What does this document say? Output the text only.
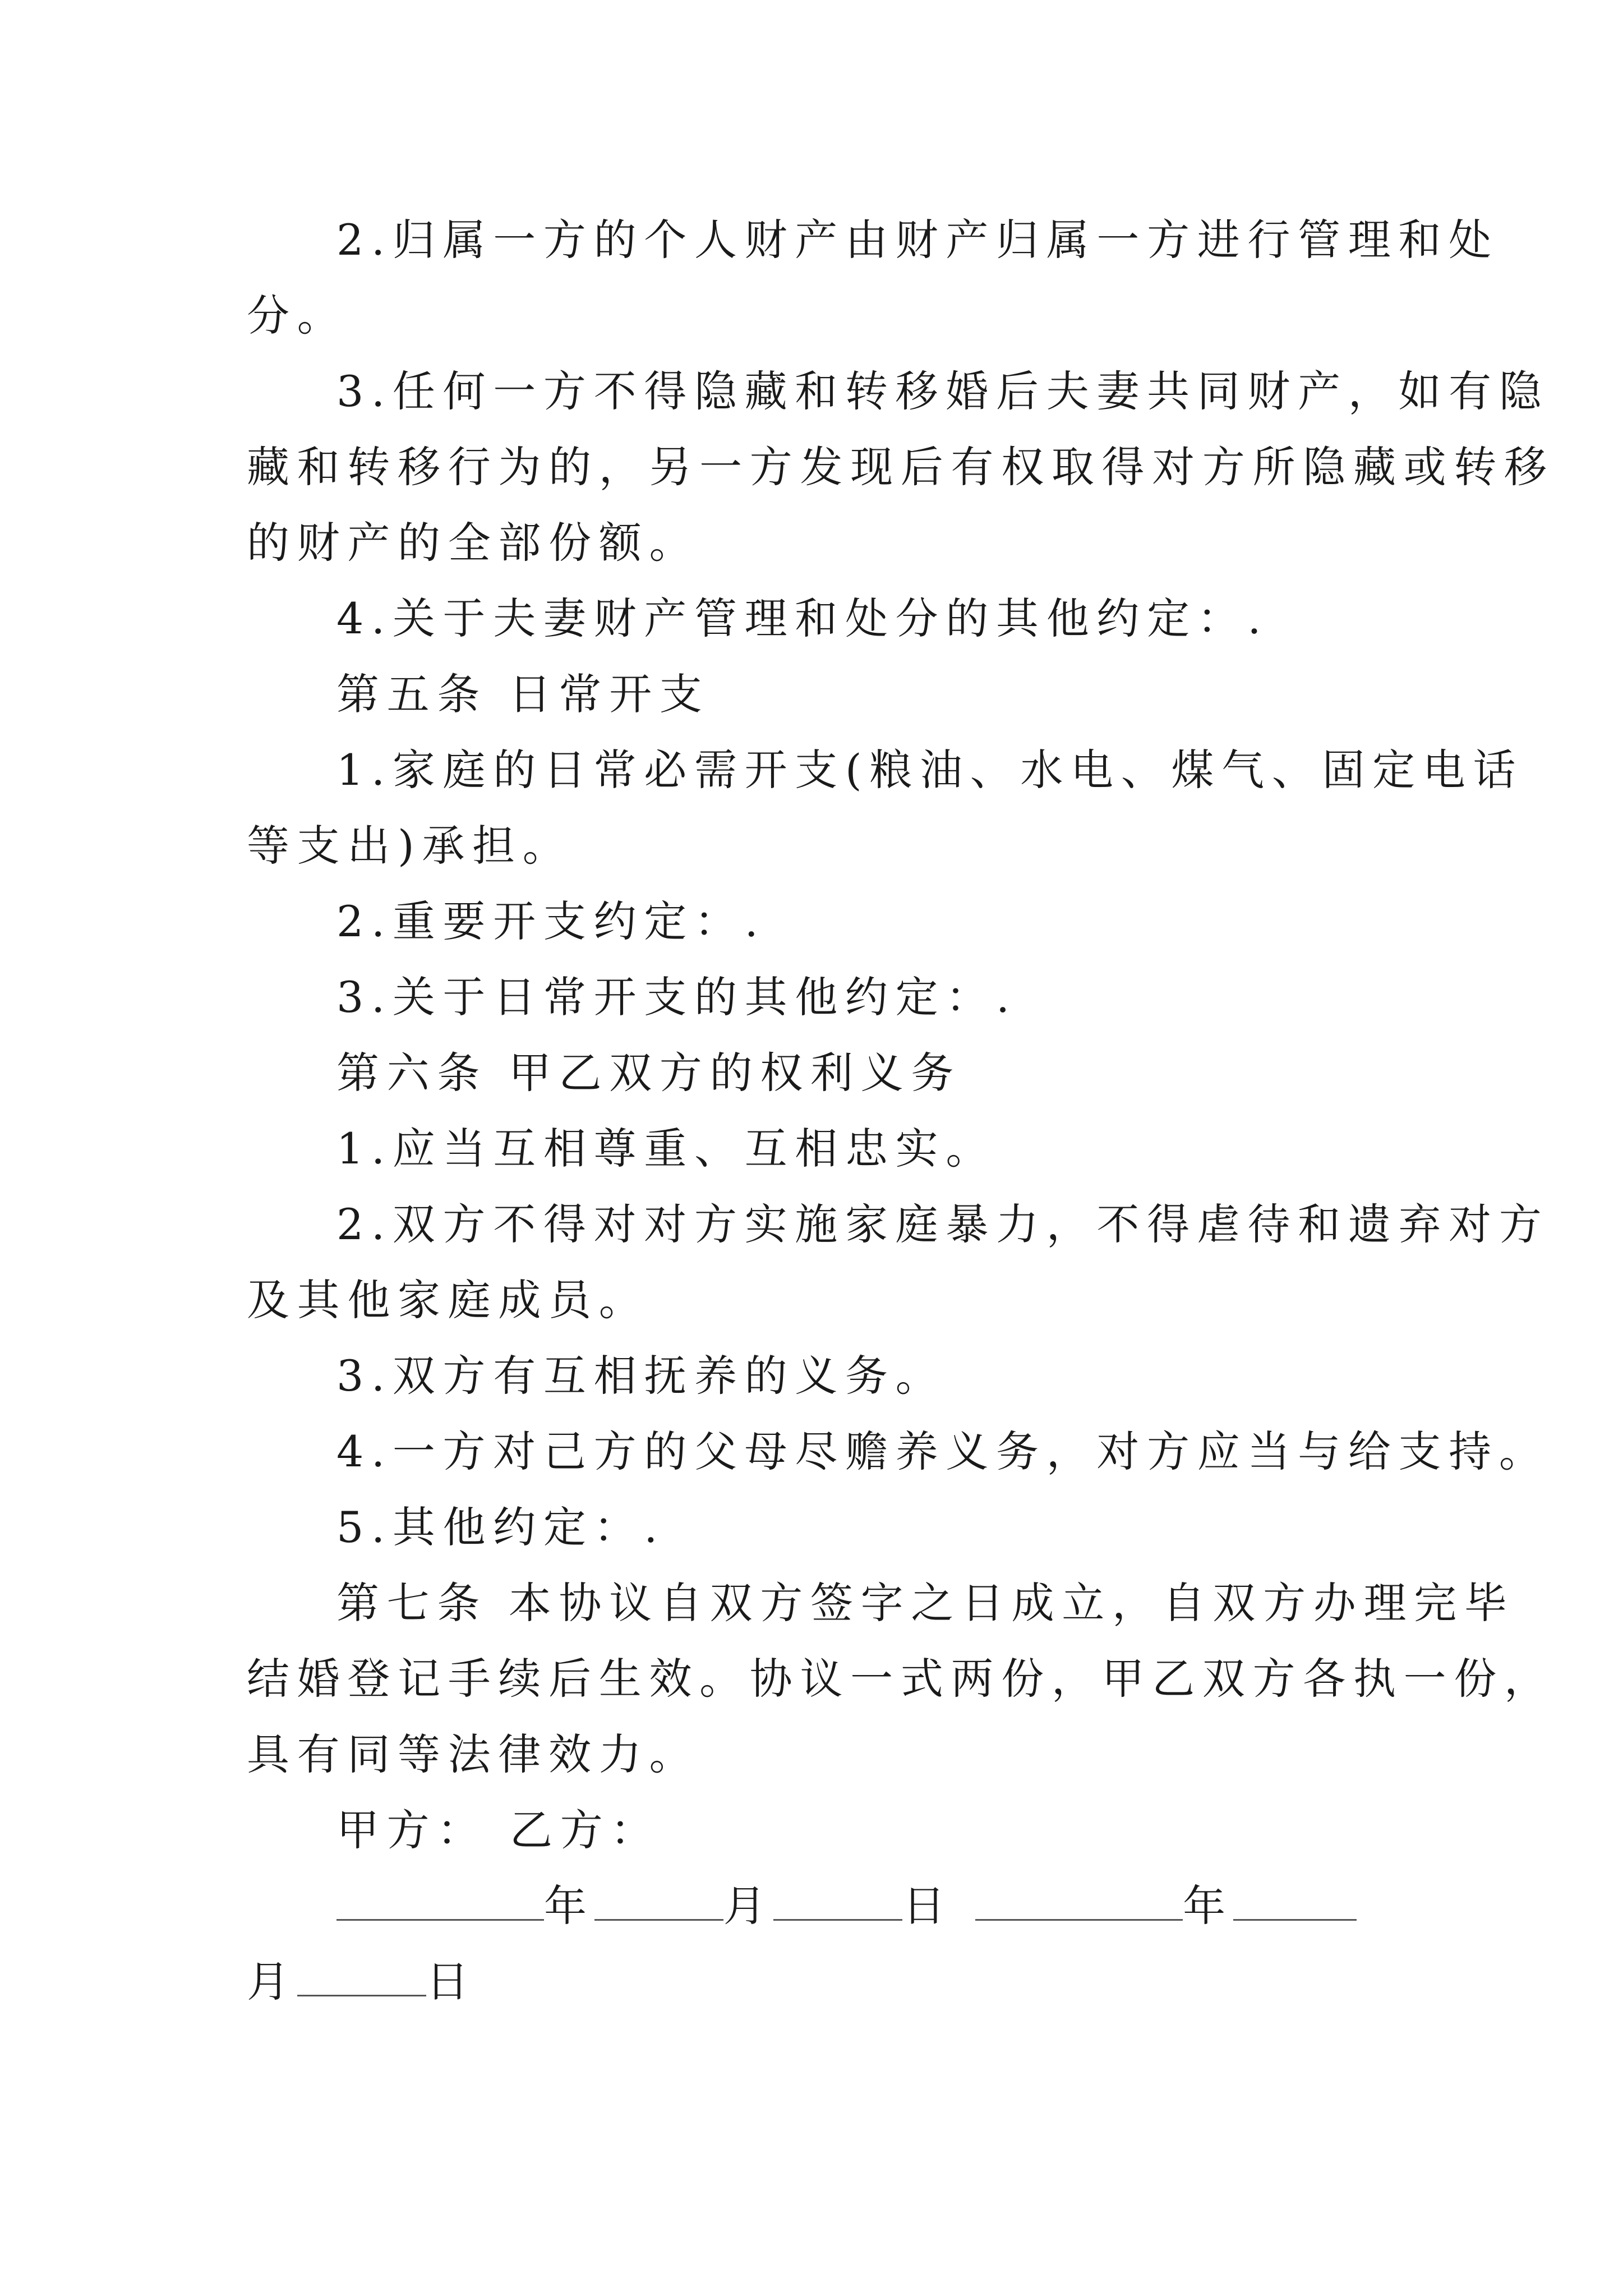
2.归属一方的个人财产由财产归属一方进行管理和处
分。
3.任何一方不得隐藏和转移婚后夫妻共同财产，如有隐
藏和转移行为的，另一方发现后有权取得对方所隐藏或转移
的财产的全部份额。
4.关于夫妻财产管理和处分的其他约定：.
第五条 日常开支
1.家庭的日常必需开支(粮油、水电、煤气、固定电话
等支出)承担。
2.重要开支约定：.
3.关于日常开支的其他约定：.
第六条 甲乙双方的权利义务
1.应当互相尊重、互相忠实。
2.双方不得对对方实施家庭暴力，不得虐待和遗弃对方
及其他家庭成员。
3.双方有互相抚养的义务。
4.一方对己方的父母尽赡养义务，对方应当与给支持。
5.其他约定：.
第七条 本协议自双方签字之日成立，自双方办理完毕
结婚登记手续后生效。协议一式两份，甲乙双方各执一份，
具有同等法律效力。
甲方： 乙方：
年	月	日	年
月	日
